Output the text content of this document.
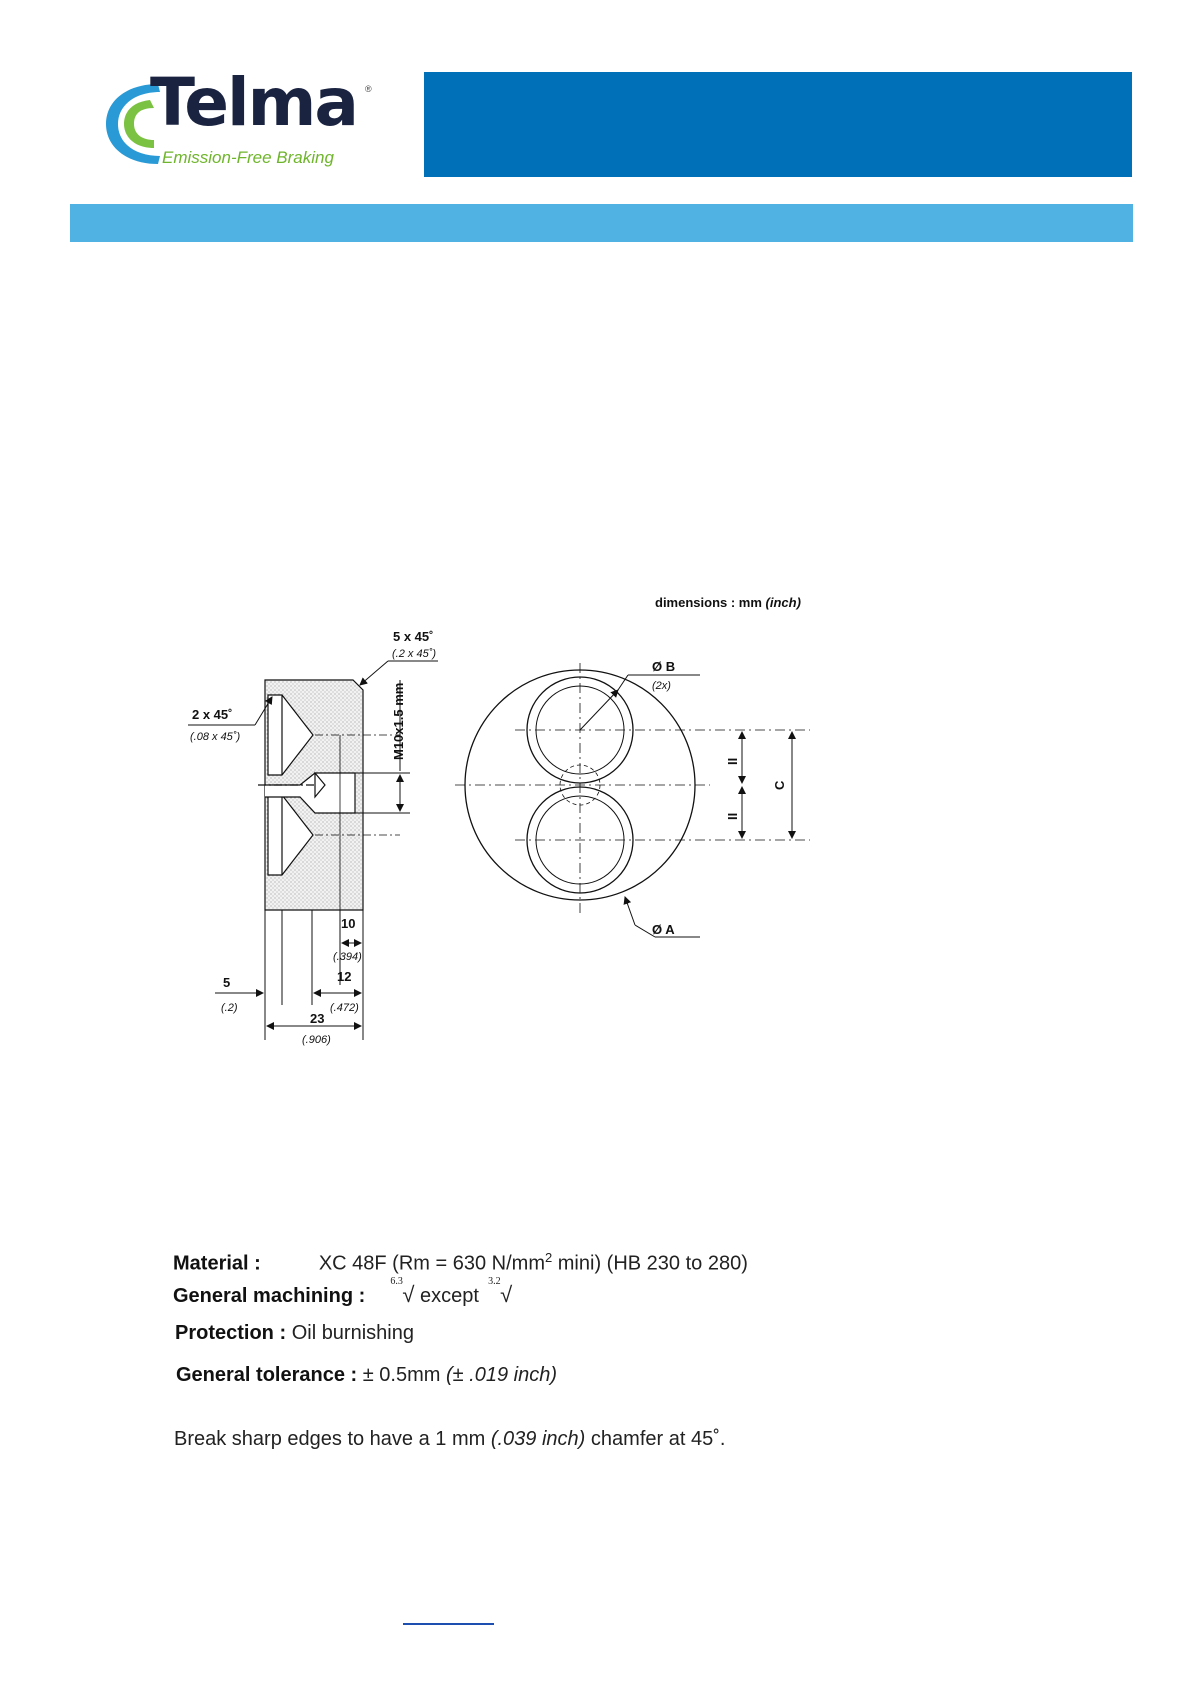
Telma ®
Emission-Free Braking
dimensions : mm (inch)
M10x1.5 mm
5 x 45˚
(.2 x 45˚)
2 x 45˚
(.08 x 45˚)
10
(.394)
12
(.472)
5
(.2)
23
(.906)
Ø B
(2x)
Ø A
C
II
II
Material :	XC 48F (Rm = 630 $N/mm^2$ mini) (HB 230 to 280)
General machining :
6.3
√ except
3.2
√
Protection : Oil burnishing
General tolerance : ± 0.5mm (± .019 inch)
Break sharp edges to have a 1 mm (.039 inch) chamfer at 45˚.
